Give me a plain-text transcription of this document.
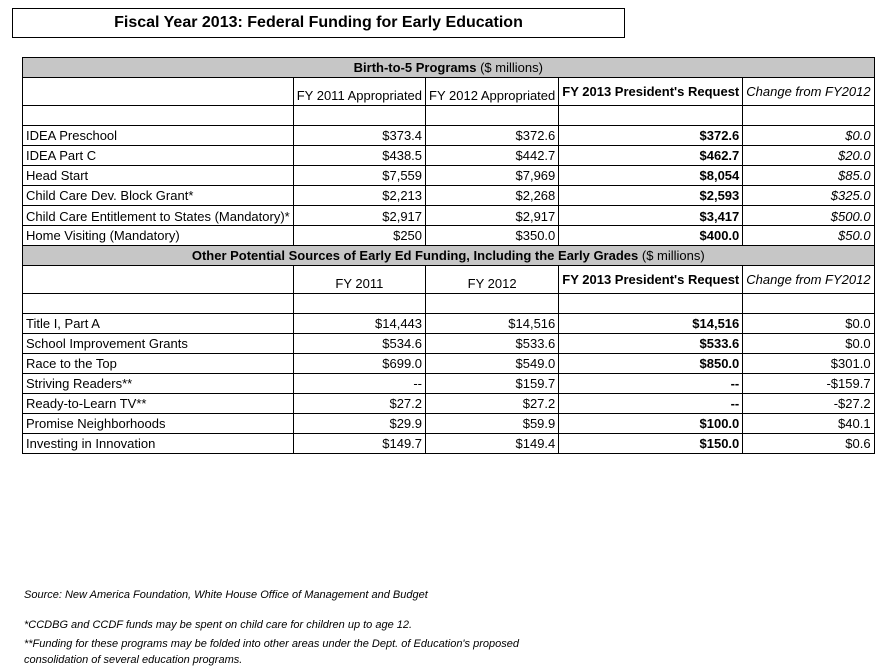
Fiscal Year 2013: Federal Funding for Early Education
Birth-to-5 Programs ($ millions)				
	FY 2011 Appropriated	FY 2012 Appropriated	FY 2013 President's Request	Change from FY2012

IDEA Preschool	$373.4	$372.6	$372.6	$0.0
IDEA Part C	$438.5	$442.7	$462.7	$20.0
Head Start	$7,559	$7,969	$8,054	$85.0
Child Care Dev. Block Grant*	$2,213	$2,268	$2,593	$325.0
Child Care Entitlement to States (Mandatory)*	$2,917	$2,917	$3,417	$500.0
Home Visiting (Mandatory)	$250	$350.0	$400.0	$50.0
Other Potential Sources of Early Ed Funding, Including the Early Grades ($ millions)				
	FY 2011	FY 2012	FY 2013 President's Request	Change from FY2012

Title I, Part A	$14,443	$14,516	$14,516	$0.0
School Improvement Grants	$534.6	$533.6	$533.6	$0.0
Race to the Top	$699.0	$549.0	$850.0	$301.0
Striving Readers**	--	$159.7	--	-$159.7
Ready-to-Learn TV**	$27.2	$27.2	--	-$27.2
Promise Neighborhoods	$29.9	$59.9	$100.0	$40.1
Investing in Innovation	$149.7	$149.4	$150.0	$0.6
Source: New America Foundation, White House Office of Management and Budget
*CCDBG and CCDF funds may be spent on child care for children up to age 12.
**Funding for these programs may be folded into other areas under the Dept. of Education's proposed consolidation of several education programs.
